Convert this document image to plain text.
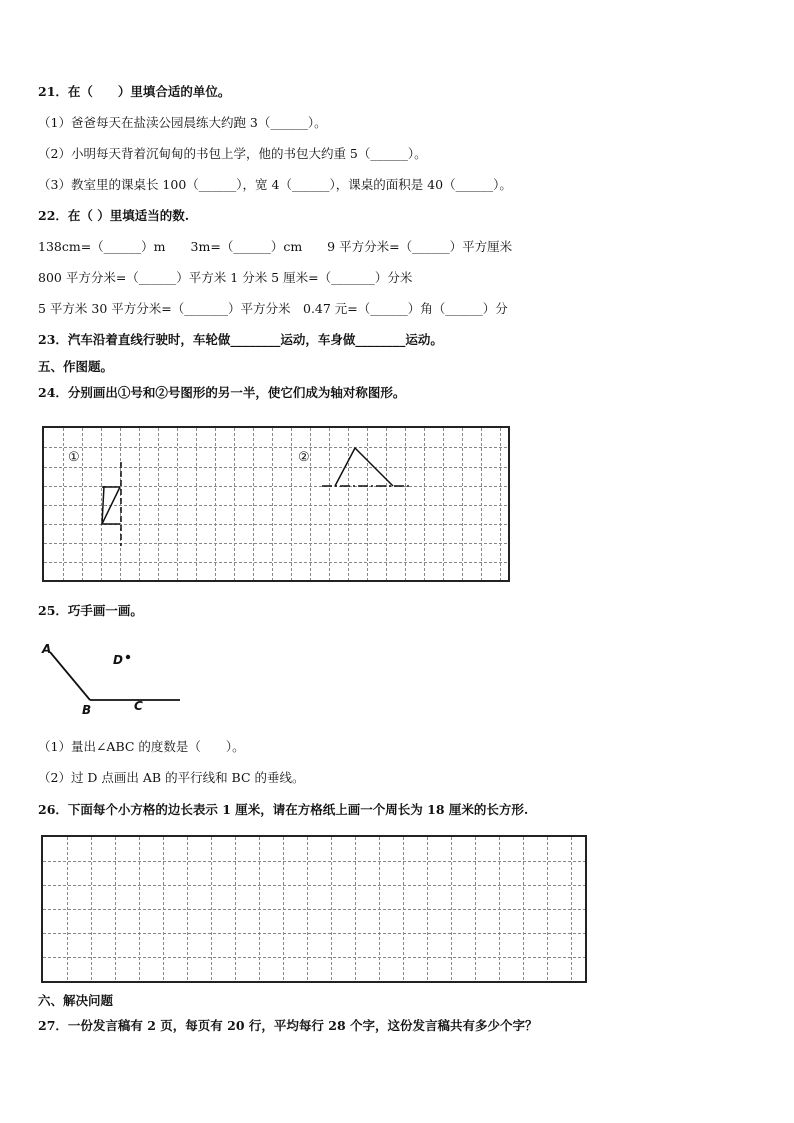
21．在（　　）里填合适的单位。
（1）爸爸每天在盐渎公园晨练大约跑 3（______）。
（2）小明每天背着沉甸甸的书包上学，他的书包大约重 5（______）。
（3）教室里的课桌长 100（______），宽 4（______），课桌的面积是 40（______）。
22．在（ ）里填适当的数.
138cm=（______）m　　3m=（______）cm　　9 平方分米=（______）平方厘米
800 平方分米=（______）平方米 1 分米 5 厘米=（_______）分米
5 平方米 30 平方分米=（_______）平方分米　0.47 元=（______）角（______）分
23．汽车沿着直线行驶时，车轮做________运动，车身做________运动。
五、作图题。
24．分别画出①号和②号图形的另一半，使它们成为轴对称图形。
①	②
25．巧手画一画。
A
B	C
D
（1）量出∠ABC 的度数是（　　）。
（2）过 D 点画出 AB 的平行线和 BC 的垂线。
26．下面每个小方格的边长表示 1 厘米，请在方格纸上画一个周长为 18 厘米的长方形.
六、解决问题
27．一份发言稿有 2 页，每页有 20 行，平均每行 28 个字，这份发言稿共有多少个字？
